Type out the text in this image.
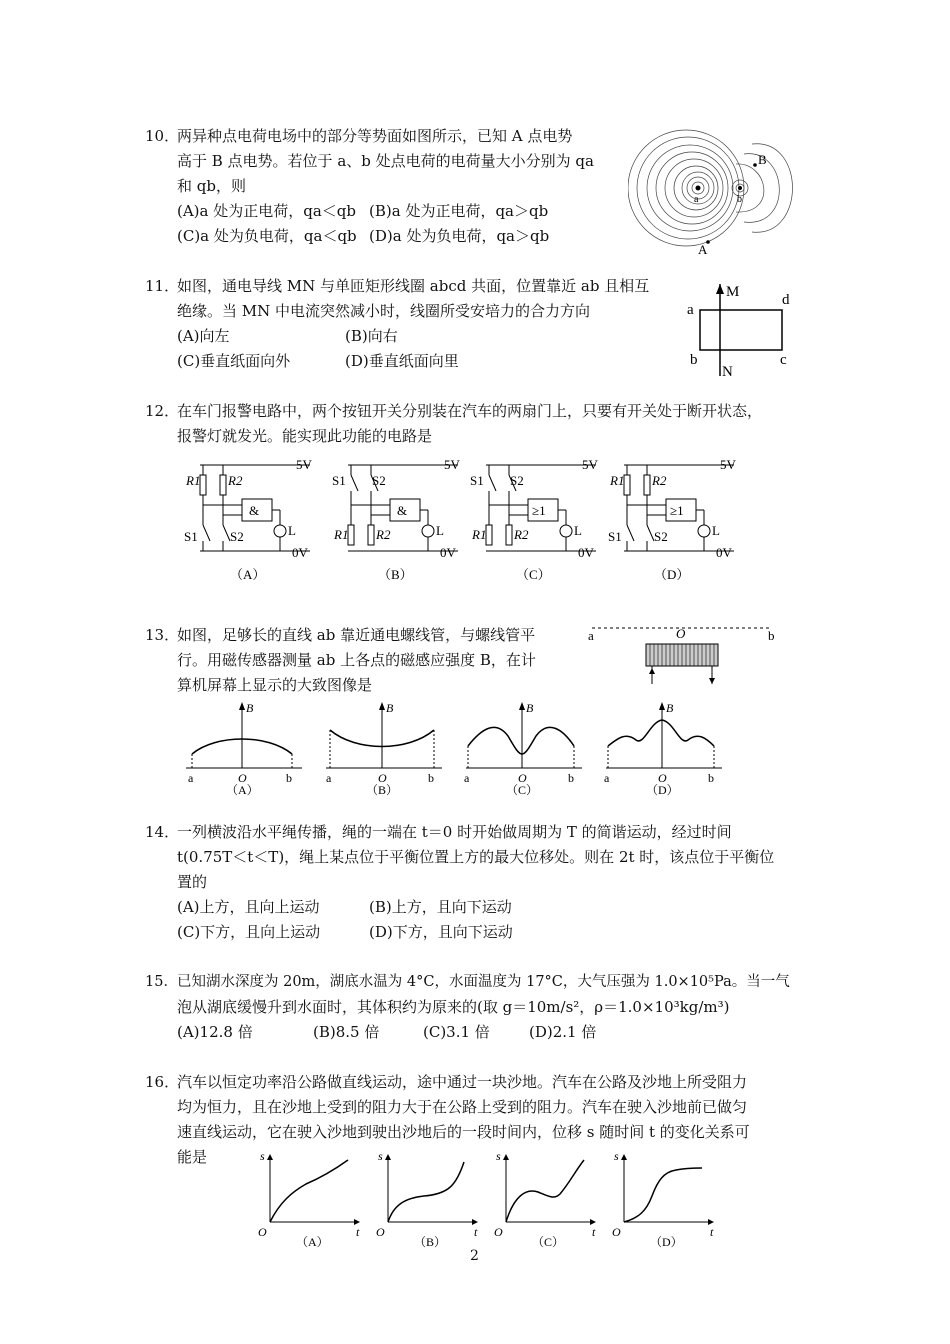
10．两异种点电荷电场中的部分等势面如图所示，已知 A 点电势
高于 B 点电势。若位于 a、b 处点电荷的电荷量大小分别为 qa
和 qb，则
(A)a 处为正电荷，qa＜qb (B)a 处为正电荷，qa＞qb
(C)a 处为负电荷，qa＜qb (D)a 处为负电荷，qa＞qb
B
A
a	b
11．如图，通电导线 MN 与单匝矩形线圈 abcd 共面，位置靠近 ab 且相互
绝缘。当 MN 中电流突然减小时，线圈所受安培力的合力方向
(A)向左	(B)向右
(C)垂直纸面向外	(D)垂直纸面向里
M
N
a
b	c
d
12．在车门报警电路中，两个按钮开关分别装在汽车的两扇门上，只要有开关处于断开状态，
报警灯就发光。能实现此功能的电路是
5V
0V
&
R1 R2
S1 S2	L
（A）
5V
0V
&
S1 S2
R1 R2	L
（B）
5V
0V
≥1
S1 S2
R1 R2	L
（C）
5V
0V
≥1
R1 R2
S1 S2	L
（D）
13．如图，足够长的直线 ab 靠近通电螺线管，与螺线管平
行。用磁传感器测量 ab 上各点的磁感应强度 B，在计
算机屏幕上显示的大致图像是
a	b
O
B
O
a	b
（A）
B
O
a	b
（B）
B
O
a	b
（C）
B
O
a	b
（D）
14．一列横波沿水平绳传播，绳的一端在 t＝0 时开始做周期为 T 的简谐运动，经过时间
t(0.75T＜t＜T)，绳上某点位于平衡位置上方的最大位移处。则在 2t 时，该点位于平衡位
置的
(A)上方，且向上运动	(B)上方，且向下运动
(C)下方，且向上运动	(D)下方，且向下运动
15．已知湖水深度为 20m，湖底水温为 4°C，水面温度为 17°C，大气压强为 1.0×10⁵Pa。当一气
泡从湖底缓慢升到水面时，其体积约为原来的(取 g＝10m/s²，ρ＝1.0×10³kg/m³)
(A)12.8 倍	(B)8.5 倍	(C)3.1 倍	(D)2.1 倍
16．汽车以恒定功率沿公路做直线运动，途中通过一块沙地。汽车在公路及沙地上所受阻力
均为恒力，且在沙地上受到的阻力大于在公路上受到的阻力。汽车在驶入沙地前已做匀
速直线运动，它在驶入沙地到驶出沙地后的一段时间内，位移 s 随时间 t 的变化关系可
能是	s
t
O
（A）
s
t
O
（B）
s
t
O
（C）
s
t
O
（D）
2
